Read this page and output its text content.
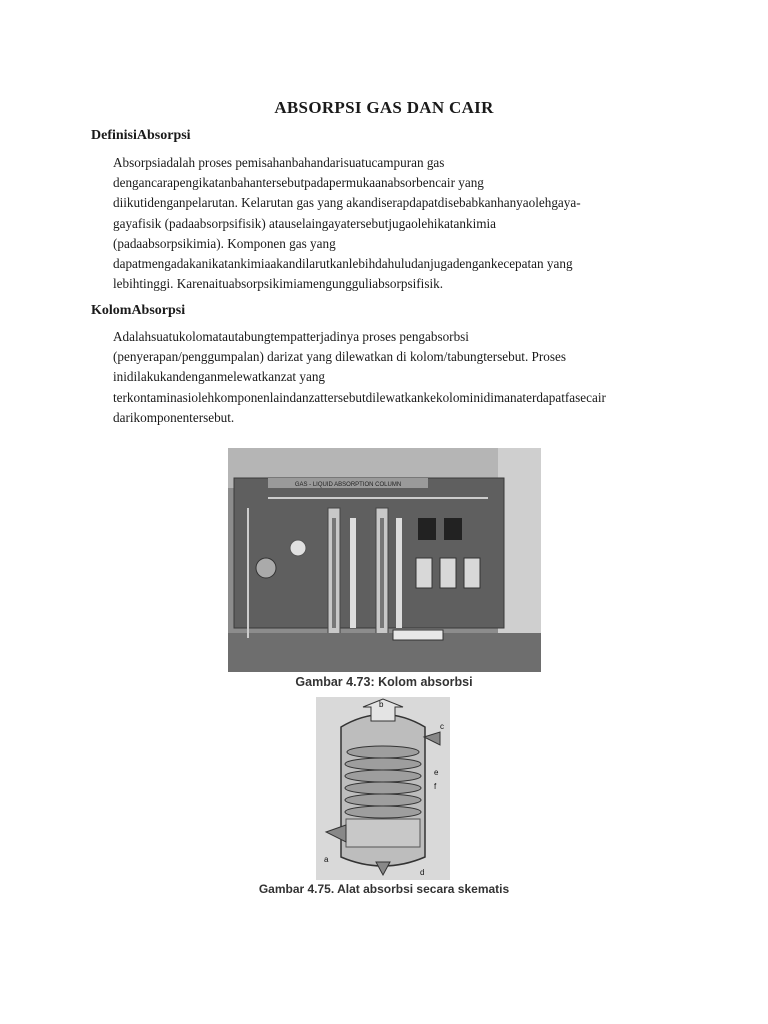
ABSORPSI GAS DAN CAIR
DefinisiAbsorpsi

Absorpsiadalah proses pemisahanbahandarisuatucampuran gas
dengancarapengikatanbahantersebutpadapermukaanabsorbencair yang
diikutidenganpelarutan. Kelarutan gas yang akandiserapdapatdisebabkanhanyaolehgaya-
gayafisik (padaabsorpsifisik) atauselaingayatersebutjugaolehikatankimia
(padaabsorpsikimia). Komponen gas yang
dapatmengadakanikatankimiaakandilarutkanlebihdahuludanjugadengankecepatan yang
lebihtinggi. Karenaituabsorpsikimiamengungguliabsorpsifisik.

KolomAbsorpsi

Adalahsuatukolomatautabungtempatterjadinya proses pengabsorbsi
(penyerapan/penggumpalan) darizat yang dilewatkan di kolom/tabungtersebut. Proses
inidilakukandenganmelewatkanzat yang
terkontaminasiolehkomponenlaindanzattersebutdilewatkankekolominidimanaterdapatfasecair
darikomponentersebut.

GAS - LIQUID ABSORPTION COLUMN

Gambar 4.73: Kolom absorbsi

b
c
e
f
a
d

Gambar 4.75. Alat absorbsi secara skematis
